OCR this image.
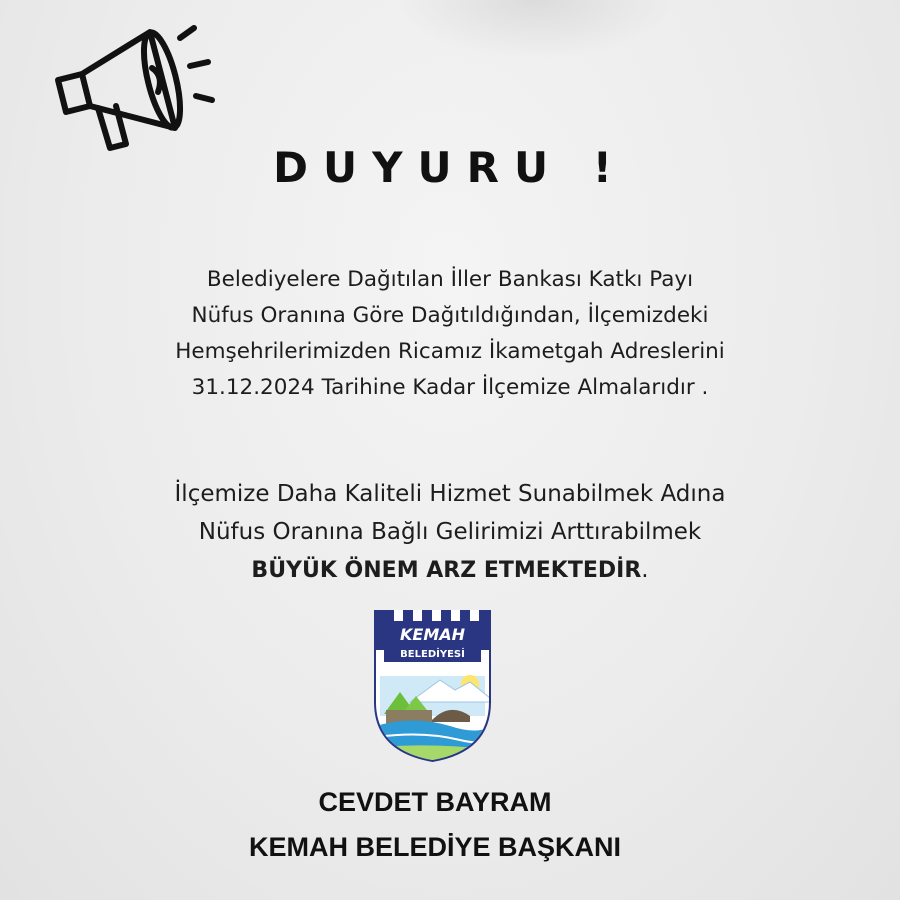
DUYURU !
Belediyelere Dağıtılan İller Bankası Katkı Payı
Nüfus Oranına Göre Dağıtıldığından, İlçemizdeki
Hemşehrilerimizden Ricamız İkametgah Adreslerini
31.12.2024 Tarihine Kadar İlçemize Almalarıdır .
İlçemize Daha Kaliteli Hizmet Sunabilmek Adına
Nüfus Oranına Bağlı Gelirimizi Arttırabilmek
BÜYÜK ÖNEM ARZ ETMEKTEDİR.
KEMAH
BELEDİYESİ
CEVDET BAYRAM
KEMAH BELEDİYE BAŞKANI
